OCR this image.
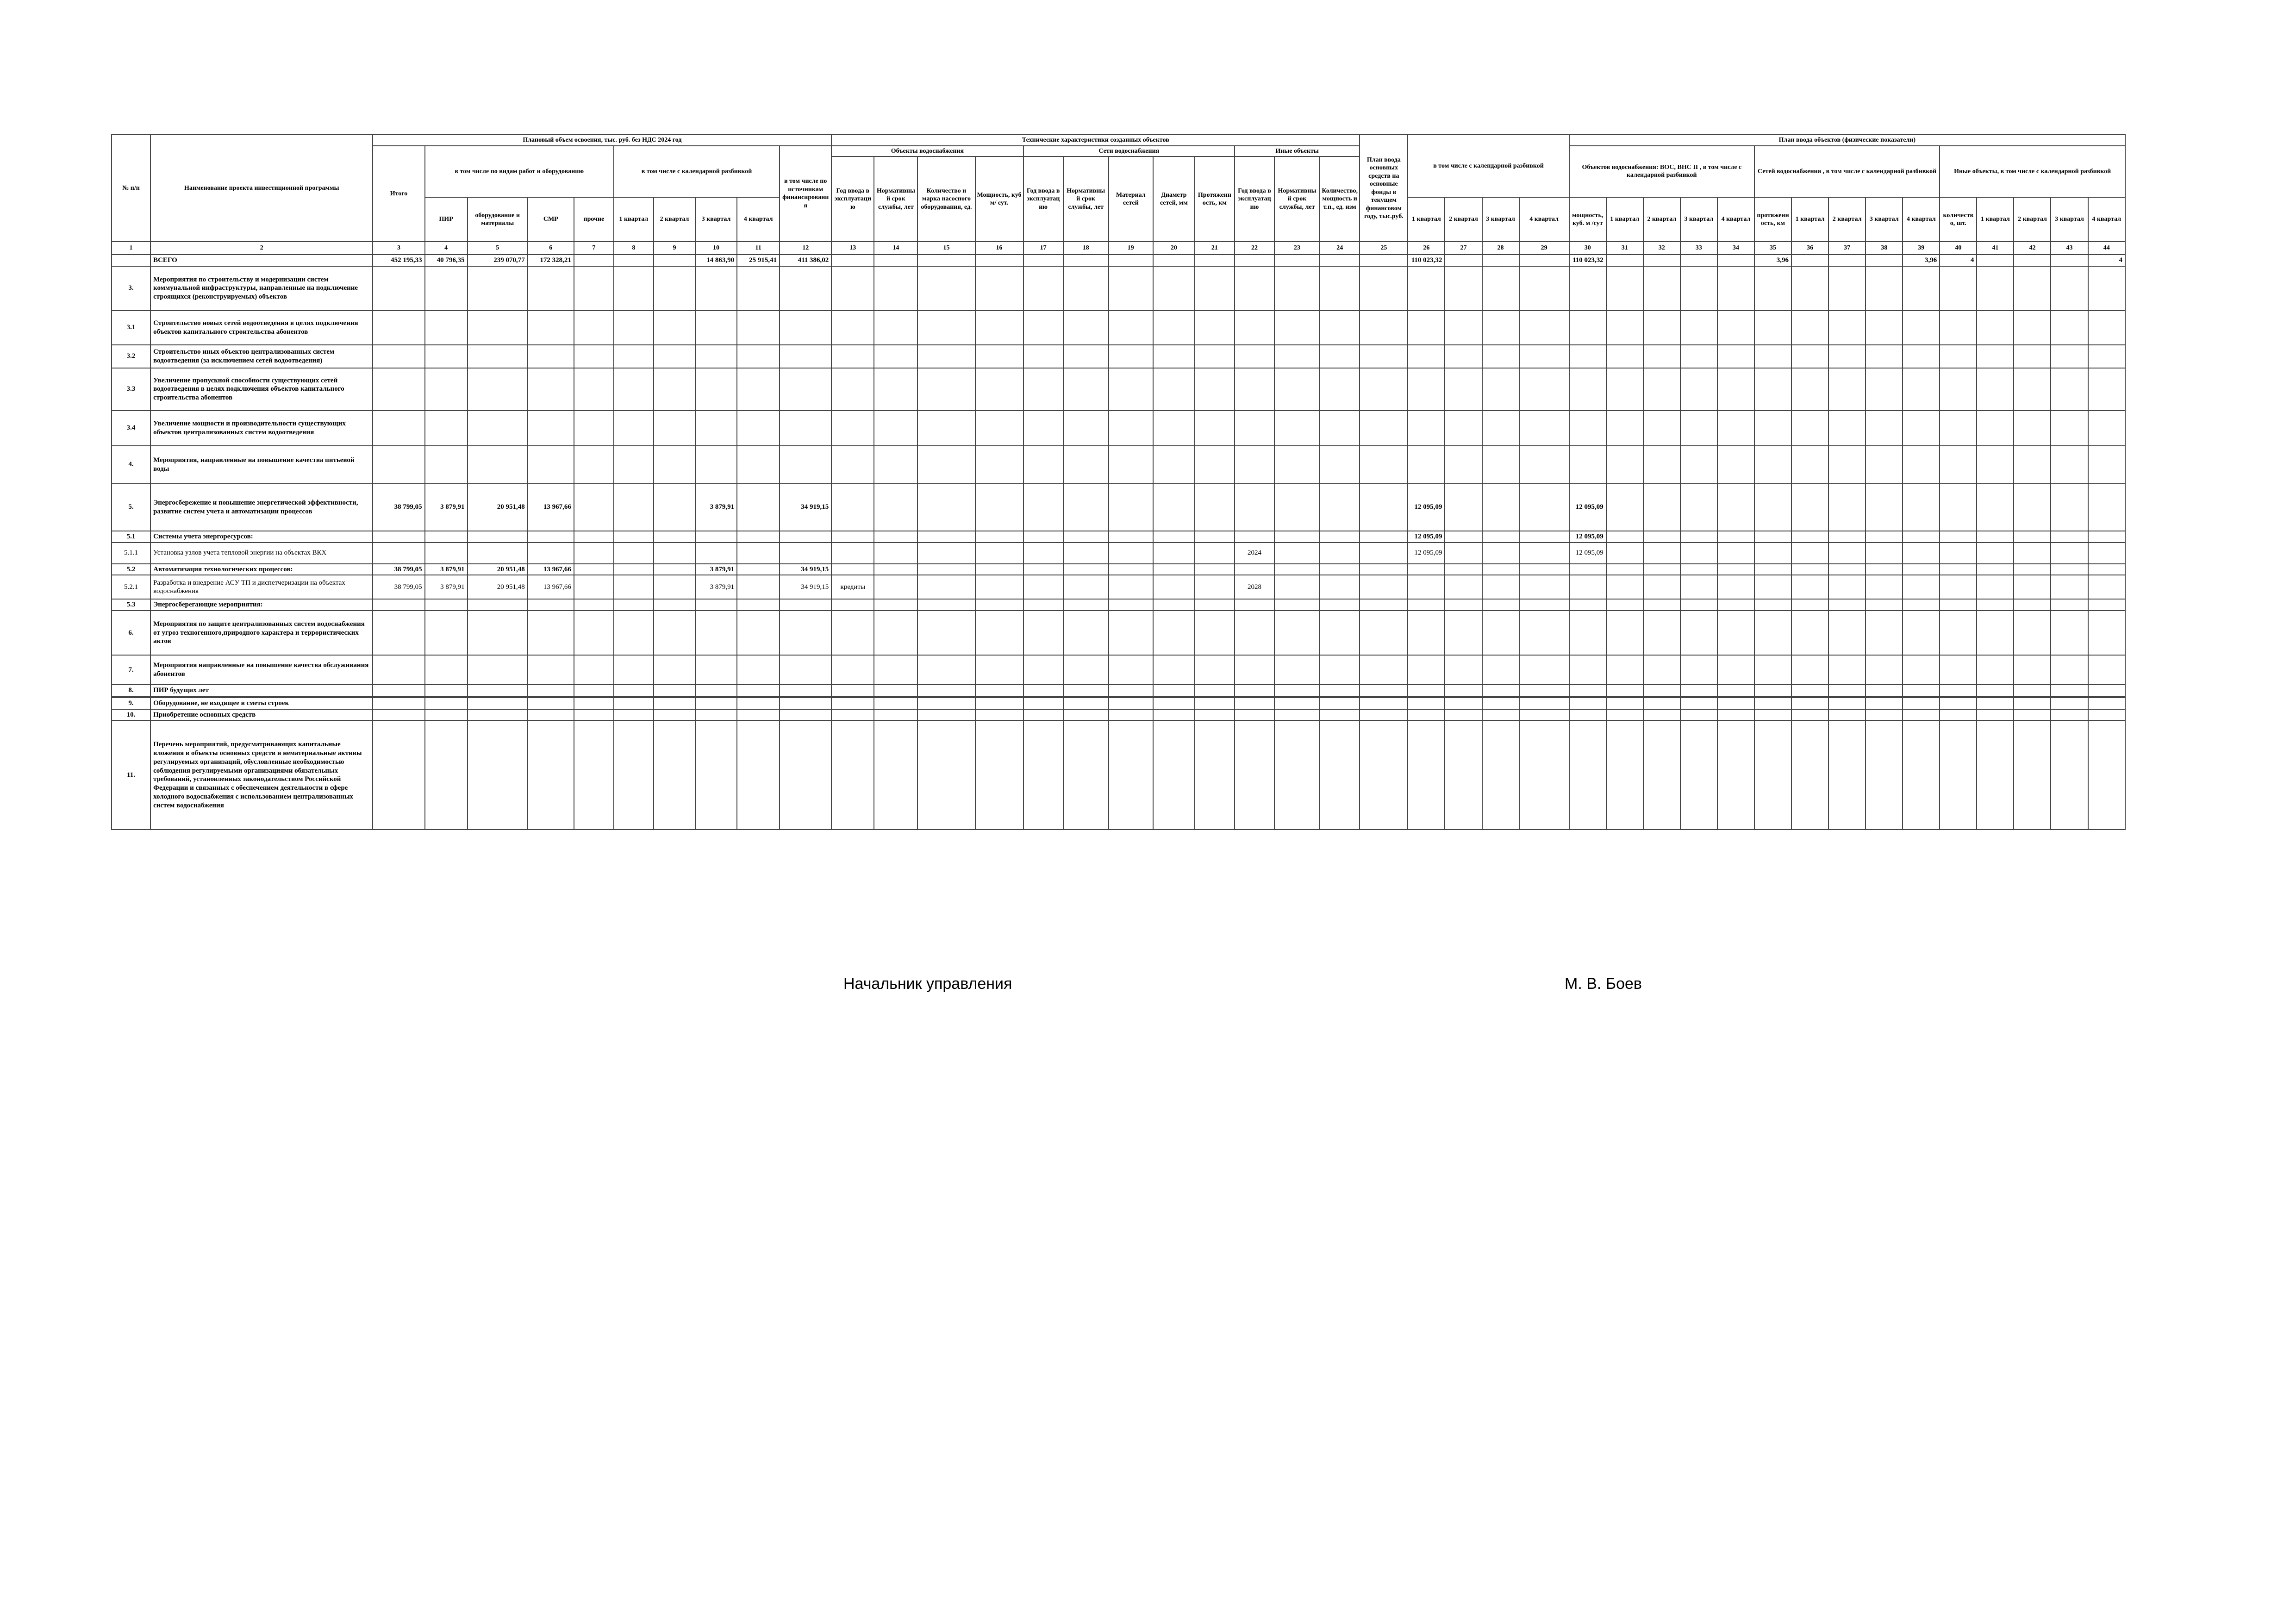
№ п/п	Наименование проекта инвестиционной программы	Плановый объем освоения, тыс. руб. без НДС 2024 год										Технические характеристики созданных объектов												План ввода основных средств на основные фонды в текущем финансовом году, тыс.руб.	в том числе с календарной разбивкой				План ввода объектов (физические показатели)														
		Итого	в том числе по видам работ и оборудованию				в том числе с календарной разбивкой				в том числе по источникам финансирования	Объекты водоснабжения				Сети водоснабжения					Иные объекты								Объектов водоснабжения: ВОС, ВНС II , в том числе с календарной разбивкой					Сетей водоснабжения , в том числе с календарной разбивкой					Иные объекты, в том числе с календарной разбивкой				
												Год ввода в эксплуатацию	Нормативный срок службы, лет	Количество и марка насосного оборудования, ед.	Мощность, куб м/ сут.	Год ввода в эксплуатацию	Нормативный срок службы, лет	Материал сетей	Диаметр сетей, мм	Протяженность, км	Год ввода в эксплуатацию	Нормативный срок службы, лет	Количество, мощность и т.п., ед. изм																				
			ПИР	оборудование и материалы	СМР	прочие	1 квартал	2 квартал	3 квартал	4 квартал															1 квартал	2 квартал	3 квартал	4 квартал	мощность, куб. м /сут	1 квартал	2 квартал	3 квартал	4 квартал	протяженность, км	1 квартал	2 квартал	3 квартал	4 квартал	количество, шт.	1 квартал	2 квартал	3 квартал	4 квартал
1	2	3	4	5	6	7	8	9	10	11	12	13	14	15	16	17	18	19	20	21	22	23	24	25	26	27	28	29	30	31	32	33	34	35	36	37	38	39	40	41	42	43	44
	ВСЕГО	452 195,33	40 796,35	239 070,77	172 328,21				14 863,90	25 915,41	411 386,02														110 023,32				110 023,32					3,96				3,96	4				4
3.	Мероприятия по строительству и модернизации систем коммунальной инфраструктуры, направленные на подключение строящихся (реконструируемых) объектов																																										
3.1	Строительство новых сетей водоотведения в целях подключения объектов капитального строительства абонентов																																										
3.2	Строительство иных объектов централизованных систем водоотведения (за исключением сетей водоотведения)																																										
3.3	Увеличение пропускной способности существующих сетей водоотведения в целях подключения объектов капитального строительства абонентов																																										
3.4	Увеличение мощности и производительности существующих объектов централизованных систем водоотведения																																										
4.	Мероприятия, направленные на повышение качества питьевой воды																																										
5.	Энергосбережение и повышение энергетической эффективности, развитие систем учета и автоматизации процессов	38 799,05	3 879,91	20 951,48	13 967,66				3 879,91		34 919,15														12 095,09				12 095,09														
5.1	Системы учета энергоресурсов:																								12 095,09				12 095,09														
5.1.1	Установка узлов учета тепловой энергии на объектах ВКХ																				2024				12 095,09				12 095,09														
5.2	Автоматизация технологических процессов:	38 799,05	3 879,91	20 951,48	13 967,66				3 879,91		34 919,15																																
5.2.1	Разработка и внедрение АСУ ТП и диспетчеризации на объектах водоснабжения	38 799,05	3 879,91	20 951,48	13 967,66				3 879,91		34 919,15	кредиты									2028																						
5.3	Энергосберегающие мероприятия:																																										
6.	Мероприятия по защите централизованных систем водоснабжения от угроз техногенного,природного характера и террористических актов																																										
7.	Мероприятия направленные на повышение качества обслуживания абонентов																																										
8.	ПИР будущих лет																																										
9.	Оборудование, не входящее в сметы строек																																										
10.	Приобретение основных средств																																										
11.	Перечень мероприятий, предусматривающих капитальные вложения в объекты основных средств и нематериальные активы регулируемых организаций, обусловленные необходимостью соблюдения регулируемыми организациями обязательных требований, установленных законодательством Российской Федерации и связанных с обеспечением деятельности в сфере холодного водоснабжения с использованием централизованных систем водоснабжения																																										
Начальник управления	М. В. Боев
